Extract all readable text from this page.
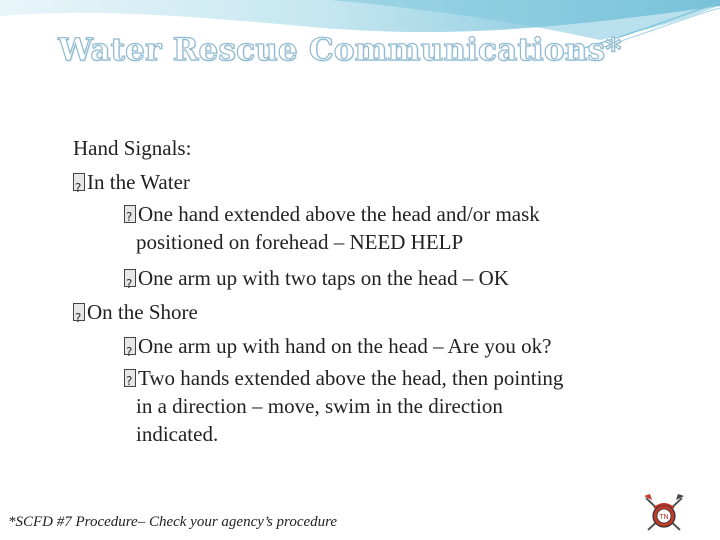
Water Rescue Communications*
Hand Signals:
?In the Water
?One hand extended above the head and/or mask
positioned on forehead – NEED HELP
?One arm up with two taps on the head – OK
?On the Shore
?One arm up with hand on the head – Are you ok?
?Two hands extended above the head, then pointing
in a direction – move, swim in the direction
indicated.
*SCFD #7 Procedure– Check your agency’s procedure	TN
